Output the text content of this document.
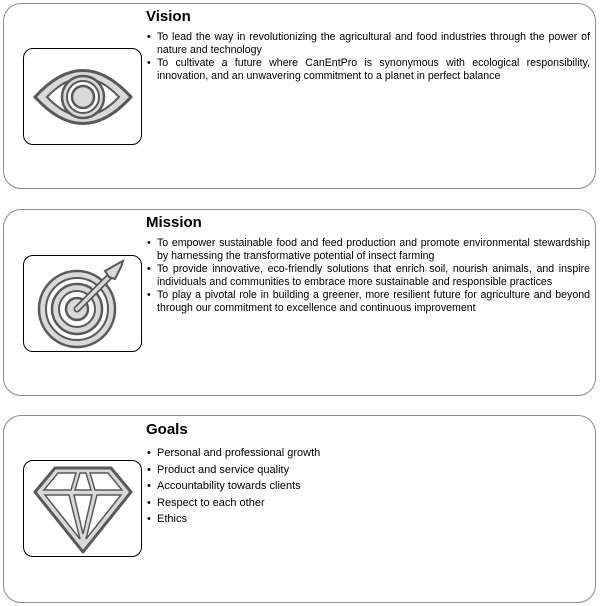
Vision
• To lead the way in revolutionizing the agricultural and food industries through the power of nature and technology
• To cultivate a future where CanEntPro is synonymous with ecological responsibility, innovation, and an unwavering commitment to a planet in perfect balance
Mission
• To empower sustainable food and feed production and promote environmental stewardship by harnessing the transformative potential of insect farming
• To provide innovative, eco-friendly solutions that enrich soil, nourish animals, and inspire individuals and communities to embrace more sustainable and responsible practices
• To play a pivotal role in building a greener, more resilient future for agriculture and beyond through our commitment to excellence and continuous improvement
Goals
• Personal and professional growth
• Product and service quality
• Accountability towards clients
• Respect to each other
• Ethics
